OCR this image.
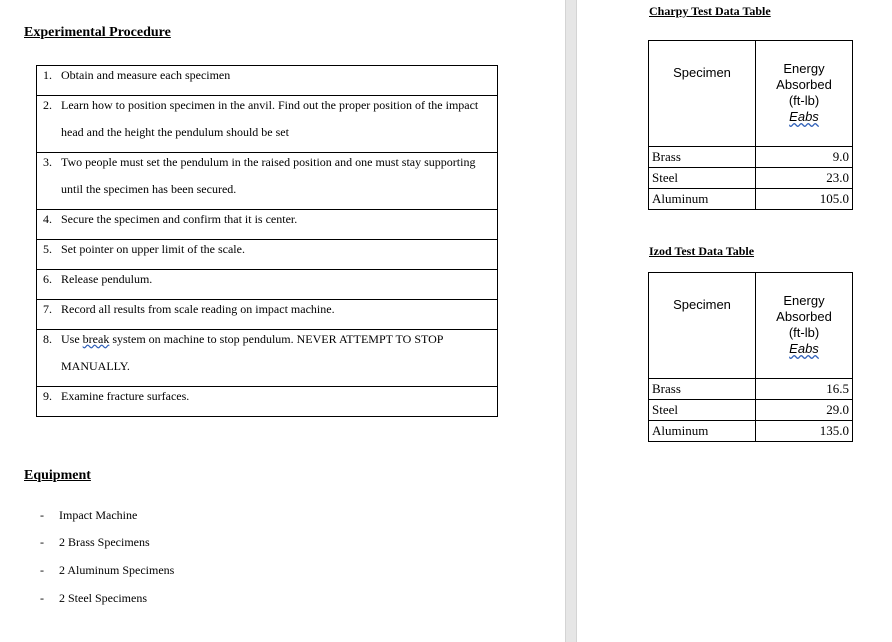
Experimental Procedure
1. Obtain and measure each specimen

2. Learn how to position specimen in the anvil. Find out the proper position of the impact
head and the height the pendulum should be set

3. Two people must set the pendulum in the raised position and one must stay supporting
until the specimen has been secured.

4. Secure the specimen and confirm that it is center.

5. Set pointer on upper limit of the scale.

6. Release pendulum.

7. Record all results from scale reading on impact machine.

8. Use break system on machine to stop pendulum. NEVER ATTEMPT TO STOP
MANUALLY.

9. Examine fracture surfaces.
Equipment
- Impact Machine
- 2 Brass Specimens
- 2 Aluminum Specimens
- 2 Steel Specimens
Charpy Test Data Table
Specimen	Energy
Absorbed
(ft-lb)
Eabs

Brass	9.0
Steel	23.0
Aluminum	105.0
Izod Test Data Table
Specimen	Energy
Absorbed
(ft-lb)
Eabs

Brass	16.5
Steel	29.0
Aluminum	135.0
